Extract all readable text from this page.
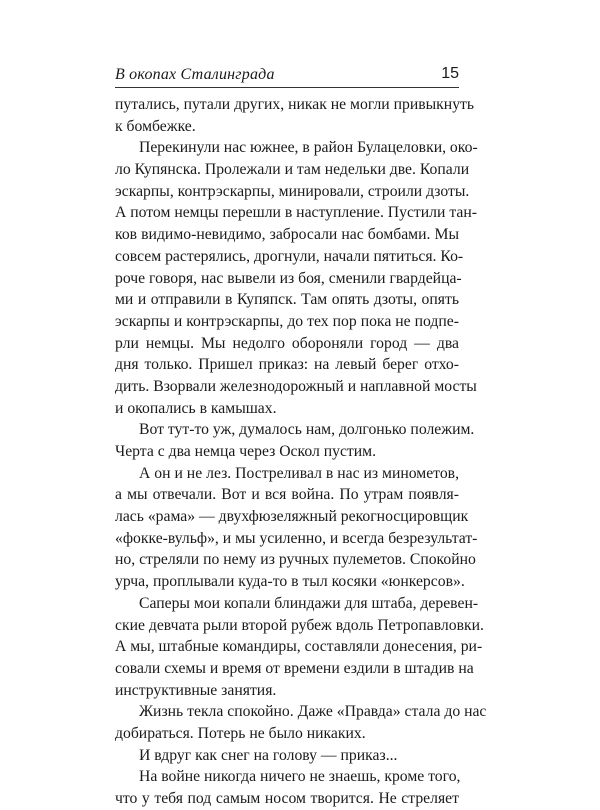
В окопах Сталинграда	15
путались, путали других, никак не могли привыкнуть
к бомбежке.
Перекинули нас южнее, в район Булацеловки, око-
ло Купянска. Пролежали и там недельки две. Копали
эскарпы, контрэскарпы, минировали, строили дзоты.
А потом немцы перешли в наступление. Пустили тан-
ков видимо-невидимо, забросали нас бомбами. Мы
совсем растерялись, дрогнули, начали пятиться. Ко-
роче говоря, нас вывели из боя, сменили гвардейца-
ми и отправили в Купяпск. Там опять дзоты, опять
эскарпы и контрэскарпы, до тех пор пока не подпе-
рли немцы. Мы недолго обороняли город — два
дня только. Пришел приказ: на левый берег отхо-
дить. Взорвали железнодорожный и наплавной мосты
и окопались в камышах.
Вот тут-то уж, думалось нам, долгонько полежим.
Черта с два немца через Оскол пустим.
А он и не лез. Постреливал в нас из минометов,
а мы отвечали. Вот и вся война. По утрам появля-
лась «рама» — двухфюзеляжный рекогносцировщик
«фокке-вульф», и мы усиленно, и всегда безрезультат-
но, стреляли по нему из ручных пулеметов. Спокойно
урча, проплывали куда-то в тыл косяки «юнкерсов».
Саперы мои копали блиндажи для штаба, деревен-
ские девчата рыли второй рубеж вдоль Петропавловки.
А мы, штабные командиры, составляли донесения, ри-
совали схемы и время от времени ездили в штадив на
инструктивные занятия.
Жизнь текла спокойно. Даже «Правда» стала до нас
добираться. Потерь не было никаких.
И вдруг как снег на голову — приказ...
На войне никогда ничего не знаешь, кроме того,
что у тебя под самым носом творится. Не стреляет
